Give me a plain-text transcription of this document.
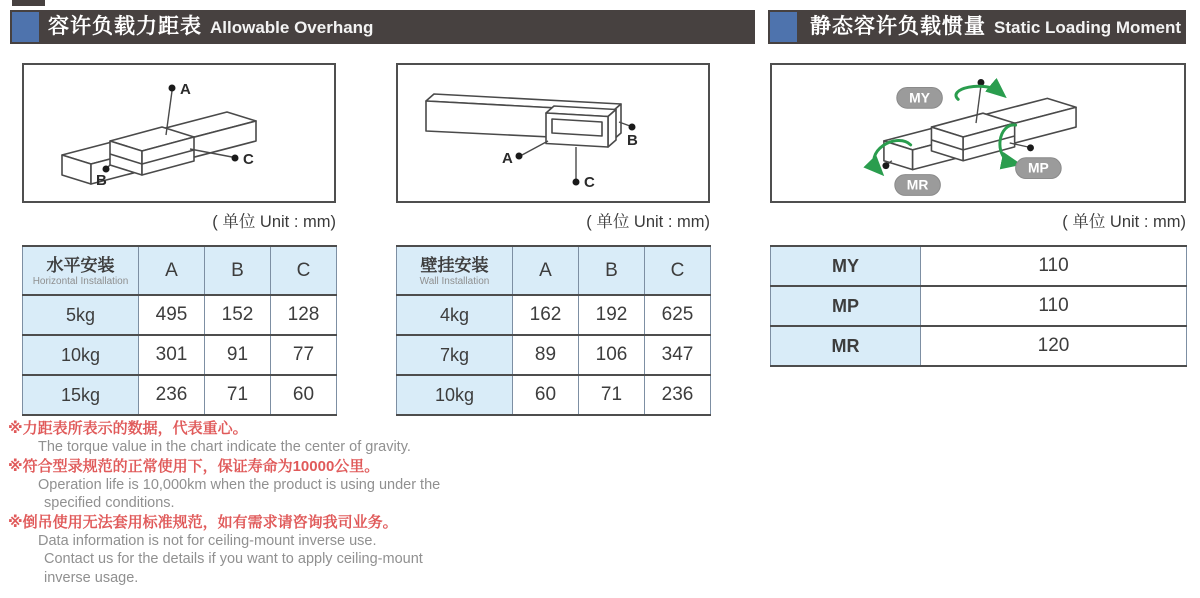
容许负载力距表 Allowable Overhang	静态容许负载惯量 Static Loading Moment
A
C
B
B
A
C
MY
MP
MR
( 单位 Unit : mm)	( 单位 Unit : mm)	( 单位 Unit : mm)
水平安装
Horizontal Installation	A	B	C
5kg	495	152	128
10kg	301	91	77
15kg	236	71	60
壁挂安装
Wall Installation	A	B	C
4kg	162	192	625
7kg	89	106	347
10kg	60	71	236
MY	110
MP	110
MR	120
※力距表所表示的数据，代表重心。
The torque value in the chart indicate the center of gravity.
※符合型录规范的正常使用下，保证寿命为10000公里。
Operation life is 10,000km when the product is using under the
specified conditions.
※倒吊使用无法套用标准规范，如有需求请咨询我司业务。
Data information is not for ceiling-mount inverse use.
Contact us for the details if you want to apply ceiling-mount
inverse usage.
